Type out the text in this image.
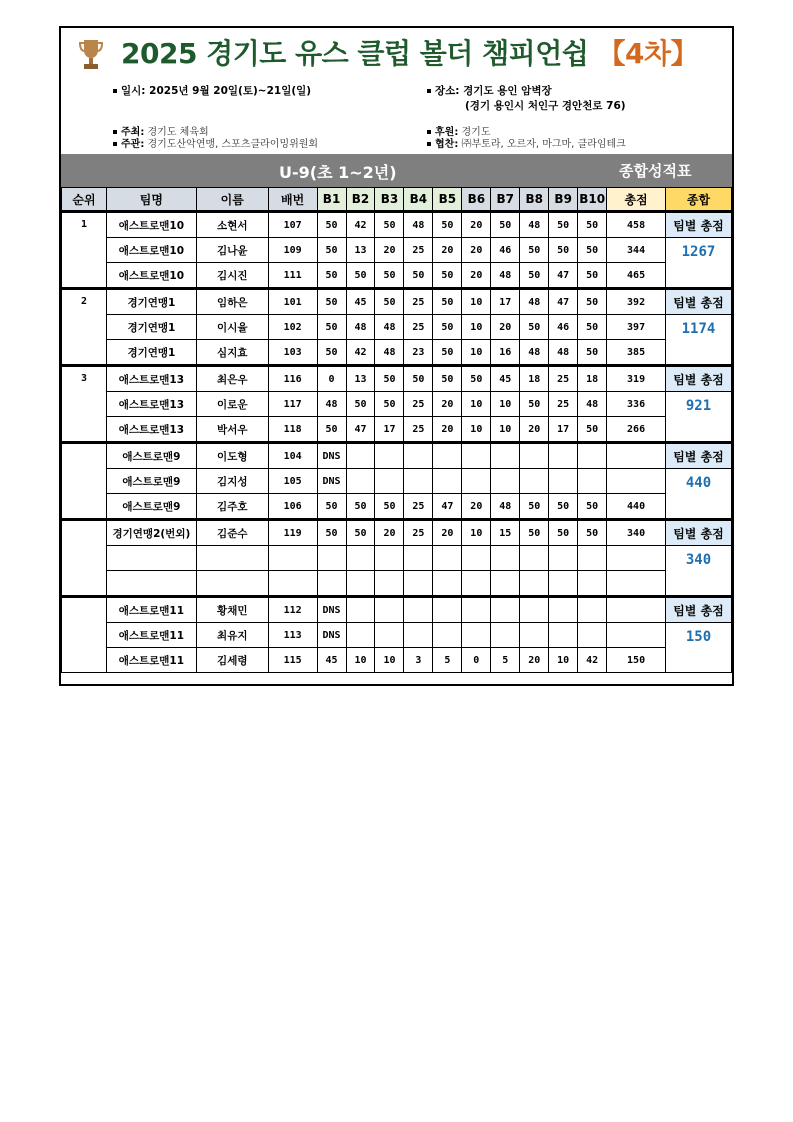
2025 경기도 유스 클럽 볼더 챔피언쉽 【4차】
일시: 2025년 9월 20일(토)~21일(일)	장소: 경기도 용인 암벽장
(경기 용인시 처인구 경안천로 76)
주최: 경기도 체육회
주관: 경기도산악연맹, 스포츠클라이밍위원회
후원: 경기도
협찬: ㈜부토라, 오르자, 마그마, 클라임테크
U-9(초 1~2년)	종합성적표
순위	팀명	이름	배번	B1	B2	B3	B4	B5	B6	B7	B8	B9	B10	총점	종합
1	애스트로맨10	소현서	107	50	42	50	48	50	20	50	48	50	50	458	팀별 총점
	애스트로맨10	김나윤	109	50	13	20	25	20	20	46	50	50	50	344	1267
	애스트로맨10	김시진	111	50	50	50	50	50	20	48	50	47	50	465	
2	경기연맹1	임하은	101	50	45	50	25	50	10	17	48	47	50	392	팀별 총점
	경기연맹1	이시율	102	50	48	48	25	50	10	20	50	46	50	397	1174
	경기연맹1	심지효	103	50	42	48	23	50	10	16	48	48	50	385	
3	애스트로맨13	최은우	116	0	13	50	50	50	50	45	18	25	18	319	팀별 총점
	애스트로맨13	이로운	117	48	50	50	25	20	10	10	50	25	48	336	921
	애스트로맨13	박서우	118	50	47	17	25	20	10	10	20	17	50	266	
	애스트로맨9	이도형	104	DNS											팀별 총점
	애스트로맨9	김지성	105	DNS											440
	애스트로맨9	김주호	106	50	50	50	25	47	20	48	50	50	50	440	
	경기연맹2(번외)	김준수	119	50	50	20	25	20	10	15	50	50	50	340	팀별 총점
															340

	애스트로맨11	황채민	112	DNS											팀별 총점
	애스트로맨11	최유지	113	DNS											150
	애스트로맨11	김세령	115	45	10	10	3	5	0	5	20	10	42	150	
